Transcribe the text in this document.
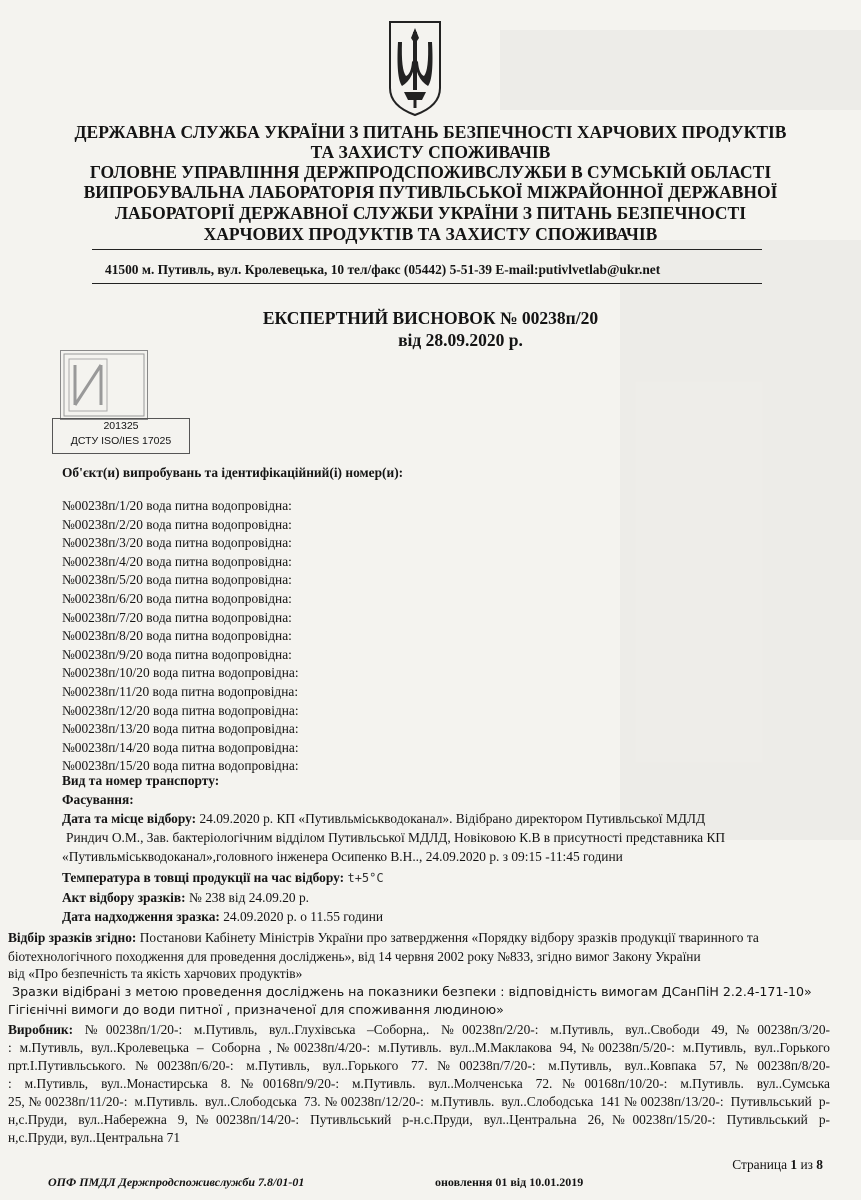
ДЕРЖАВНА СЛУЖБА УКРАЇНИ З ПИТАНЬ БЕЗПЕЧНОСТІ ХАРЧОВИХ ПРОДУКТІВ
ТА ЗАХИСТУ СПОЖИВАЧІВ
ГОЛОВНЕ УПРАВЛІННЯ ДЕРЖПРОДСПОЖИВСЛУЖБИ В СУМСЬКІЙ ОБЛАСТІ
ВИПРОБУВАЛЬНА ЛАБОРАТОРІЯ ПУТИВЛЬСЬКОЇ МІЖРАЙОННОЇ ДЕРЖАВНОЇ
ЛАБОРАТОРІЇ ДЕРЖАВНОЇ СЛУЖБИ УКРАЇНИ З ПИТАНЬ БЕЗПЕЧНОСТІ
ХАРЧОВИХ ПРОДУКТІВ ТА ЗАХИСТУ СПОЖИВАЧІВ
41500 м. Путивль, вул. Кролевецька, 10 тел/факс (05442) 5-51-39 E-mail:putivlvetlab@ukr.net
ЕКСПЕРТНИЙ ВИСНОВОК № 00238п/20
від 28.09.2020 р.
201325
ДСТУ ISO/IES 17025
Об'єкт(и) випробувань та ідентифікаційний(і) номер(и):
№00238п/1/20 вода питна водопровідна:
№00238п/2/20 вода питна водопровідна:
№00238п/3/20 вода питна водопровідна:
№00238п/4/20 вода питна водопровідна:
№00238п/5/20 вода питна водопровідна:
№00238п/6/20 вода питна водопровідна:
№00238п/7/20 вода питна водопровідна:
№00238п/8/20 вода питна водопровідна:
№00238п/9/20 вода питна водопровідна:
№00238п/10/20 вода питна водопровідна:
№00238п/11/20 вода питна водопровідна:
№00238п/12/20 вода питна водопровідна:
№00238п/13/20 вода питна водопровідна:
№00238п/14/20 вода питна водопровідна:
№00238п/15/20 вода питна водопровідна:
Вид та номер транспорту:
Фасування:
Дата та місце відбору: 24.09.2020 р. КП «Путивльміськводоканал». Відібрано директором Путивльської МДЛД
Риндич О.М., Зав. бактеріологічним відділом Путивльської МДЛД, Новіковою К.В в присутності представника КП
«Путивльміськводоканал»,головного інженера Осипенко В.Н.., 24.09.2020 р. з 09:15 -11:45 години
Температура в товщі продукції на час відбору: t+5°C
Акт відбору зразків: № 238 від 24.09.20 р.
Дата надходження зразка: 24.09.2020 р. о 11.55 години
Відбір зразків згідно: Постанови Кабінету Міністрів України про затвердження «Порядку відбору зразків продукції тваринного та
біотехнологічного походження для проведення досліджень», від 14 червня 2002 року №833, згідно вимог Закону України
від «Про безпечність та якість харчових продуктів»
Зразки відібрані з метою проведення досліджень на показники безпеки : відповідність вимогам ДСанПіН 2.2.4-171-10»
Гігієнічні вимоги до води питної , призначеної для споживання людиною»
Виробник: №00238п/1/20-: м.Путивль, вул..Глухівська –Соборна,. №00238п/2/20-: м.Путивль, вул..Свободи 49,№00238п/3/20-
: м.Путивль, вул..Кролевецька – Соборна ,№00238п/4/20-: м.Путивль. вул..М.Маклакова 94,№00238п/5/20-: м.Путивль, вул..Горького
прт.І.Путивльського.№00238п/6/20-: м.Путивль, вул..Горького 77.№00238п/7/20-: м.Путивль, вул..Ковпака 57,№00238п/8/20-
: м.Путивль, вул..Монастирська 8.№00168п/9/20-: м.Путивль. вул..Молченська 72.№00168п/10/20-: м.Путивль. вул..Сумська
25,№00238п/11/20-: м.Путивль. вул..Слободська 73.№00238п/12/20-: м.Путивль. вул..Слободська 141№00238п/13/20-: Путивльський р-
н,с.Пруди, вул..Набережна 9,№00238п/14/20-: Путивльський р-н.с.Пруди, вул..Центральна 26,№00238п/15/20-: Путивльський р-
н,с.Пруди, вул..Центральна 71
Страница 1 из 8
ОПФ ПМДЛ Держпродспоживслужби 7.8/01-01	оновлення 01 від 10.01.2019
